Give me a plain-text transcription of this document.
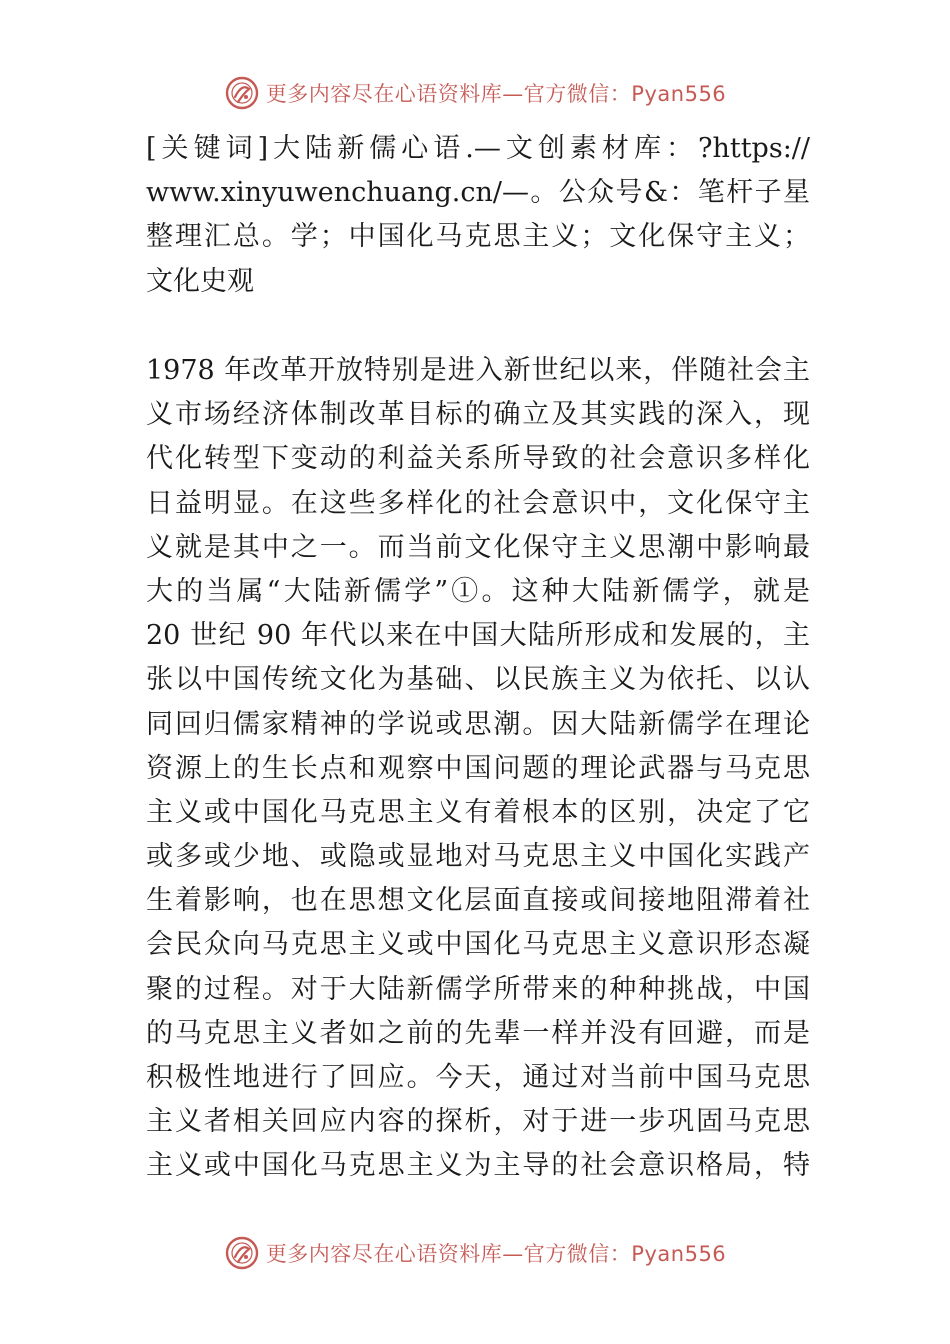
更多内容尽在心语资料库—官方微信：Pyan556
[关键词]大陆新儒心语.—文创素材库：?https://
www.xinyuwenchuang.cn/—。公众号&：笔杆子星
整理汇总。学；中国化马克思主义；文化保守主义；
文化史观
1978 年改革开放特别是进入新世纪以来，伴随社会主
义市场经济体制改革目标的确立及其实践的深入，现
代化转型下变动的利益关系所导致的社会意识多样化
日益明显。在这些多样化的社会意识中，文化保守主
义就是其中之一。而当前文化保守主义思潮中影响最
大的当属“大陆新儒学”①。这种大陆新儒学，就是
20 世纪 90 年代以来在中国大陆所形成和发展的，主
张以中国传统文化为基础、以民族主义为依托、以认
同回归儒家精神的学说或思潮。因大陆新儒学在理论
资源上的生长点和观察中国问题的理论武器与马克思
主义或中国化马克思主义有着根本的区别，决定了它
或多或少地、或隐或显地对马克思主义中国化实践产
生着影响，也在思想文化层面直接或间接地阻滞着社
会民众向马克思主义或中国化马克思主义意识形态凝
聚的过程。对于大陆新儒学所带来的种种挑战，中国
的马克思主义者如之前的先辈一样并没有回避，而是
积极性地进行了回应。今天，通过对当前中国马克思
主义者相关回应内容的探析，对于进一步巩固马克思
主义或中国化马克思主义为主导的社会意识格局，特
更多内容尽在心语资料库—官方微信：Pyan556
